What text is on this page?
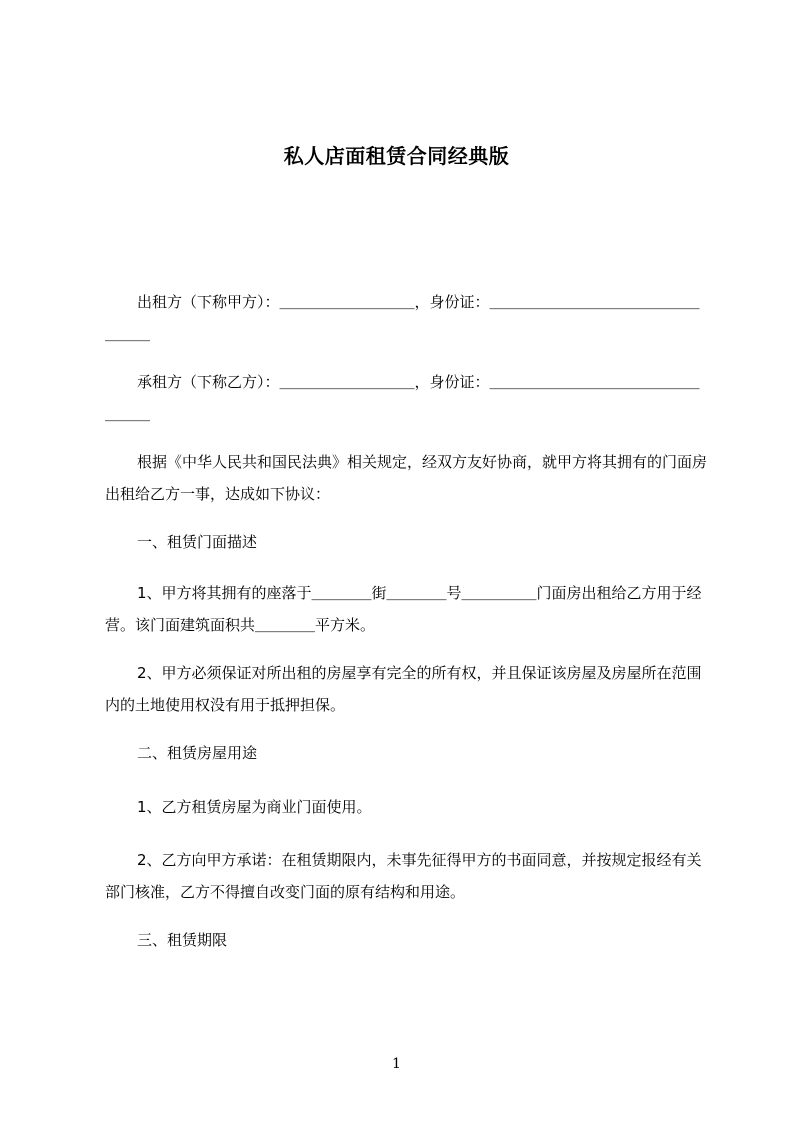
私人店面租赁合同经典版

出租方（下称甲方）：＿＿＿＿＿＿＿＿＿，身份证：＿＿＿＿＿＿＿＿＿＿＿＿＿＿＿＿＿

承租方（下称乙方）：＿＿＿＿＿＿＿＿＿，身份证：＿＿＿＿＿＿＿＿＿＿＿＿＿＿＿＿＿

根据《中华人民共和国民法典》相关规定，经双方友好协商，就甲方将其拥有的门面房出租给乙方一事，达成如下协议：

一、租赁门面描述

1、甲方将其拥有的座落于＿＿＿＿街＿＿＿＿号＿＿＿＿＿门面房出租给乙方用于经营。该门面建筑面积共＿＿＿＿平方米。

2、甲方必须保证对所出租的房屋享有完全的所有权，并且保证该房屋及房屋所在范围内的土地使用权没有用于抵押担保。

二、租赁房屋用途

1、乙方租赁房屋为商业门面使用。

2、乙方向甲方承诺：在租赁期限内，未事先征得甲方的书面同意，并按规定报经有关部门核准，乙方不得擅自改变门面的原有结构和用途。

三、租赁期限

1
